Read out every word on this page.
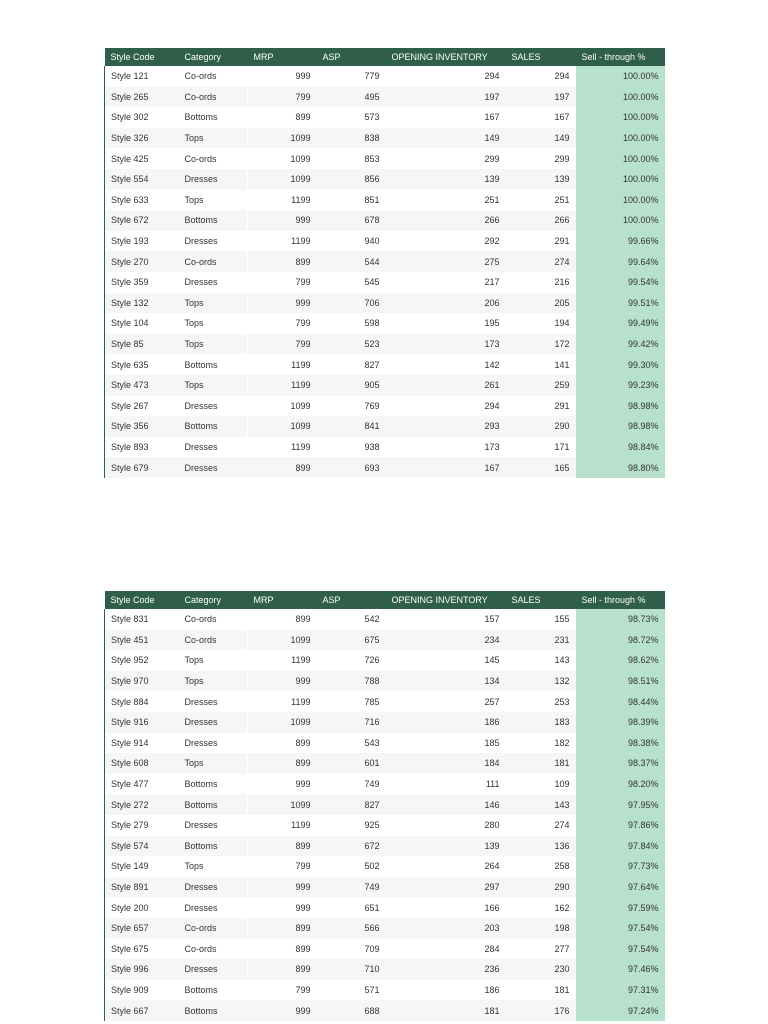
Style Code	Category	MRP	ASP	OPENING INVENTORY	SALES	Sell - through %
Style 121	Co-ords	999	779	294	294	100.00%
Style 265	Co-ords	799	495	197	197	100.00%
Style 302	Bottoms	899	573	167	167	100.00%
Style 326	Tops	1099	838	149	149	100.00%
Style 425	Co-ords	1099	853	299	299	100.00%
Style 554	Dresses	1099	856	139	139	100.00%
Style 633	Tops	1199	851	251	251	100.00%
Style 672	Bottoms	999	678	266	266	100.00%
Style 193	Dresses	1199	940	292	291	99.66%
Style 270	Co-ords	899	544	275	274	99.64%
Style 359	Dresses	799	545	217	216	99.54%
Style 132	Tops	999	706	206	205	99.51%
Style 104	Tops	799	598	195	194	99.49%
Style 85	Tops	799	523	173	172	99.42%
Style 635	Bottoms	1199	827	142	141	99.30%
Style 473	Tops	1199	905	261	259	99.23%
Style 267	Dresses	1099	769	294	291	98.98%
Style 356	Bottoms	1099	841	293	290	98.98%
Style 893	Dresses	1199	938	173	171	98.84%
Style 679	Dresses	899	693	167	165	98.80%
Style Code	Category	MRP	ASP	OPENING INVENTORY	SALES	Sell - through %
Style 831	Co-ords	899	542	157	155	98.73%
Style 451	Co-ords	1099	675	234	231	98.72%
Style 952	Tops	1199	726	145	143	98.62%
Style 970	Tops	999	788	134	132	98.51%
Style 884	Dresses	1199	785	257	253	98.44%
Style 916	Dresses	1099	716	186	183	98.39%
Style 914	Dresses	899	543	185	182	98.38%
Style 608	Tops	899	601	184	181	98.37%
Style 477	Bottoms	999	749	111	109	98.20%
Style 272	Bottoms	1099	827	146	143	97.95%
Style 279	Dresses	1199	925	280	274	97.86%
Style 574	Bottoms	899	672	139	136	97.84%
Style 149	Tops	799	502	264	258	97.73%
Style 891	Dresses	999	749	297	290	97.64%
Style 200	Dresses	999	651	166	162	97.59%
Style 657	Co-ords	899	566	203	198	97.54%
Style 675	Co-ords	899	709	284	277	97.54%
Style 996	Dresses	899	710	236	230	97.46%
Style 909	Bottoms	799	571	186	181	97.31%
Style 667	Bottoms	999	688	181	176	97.24%
